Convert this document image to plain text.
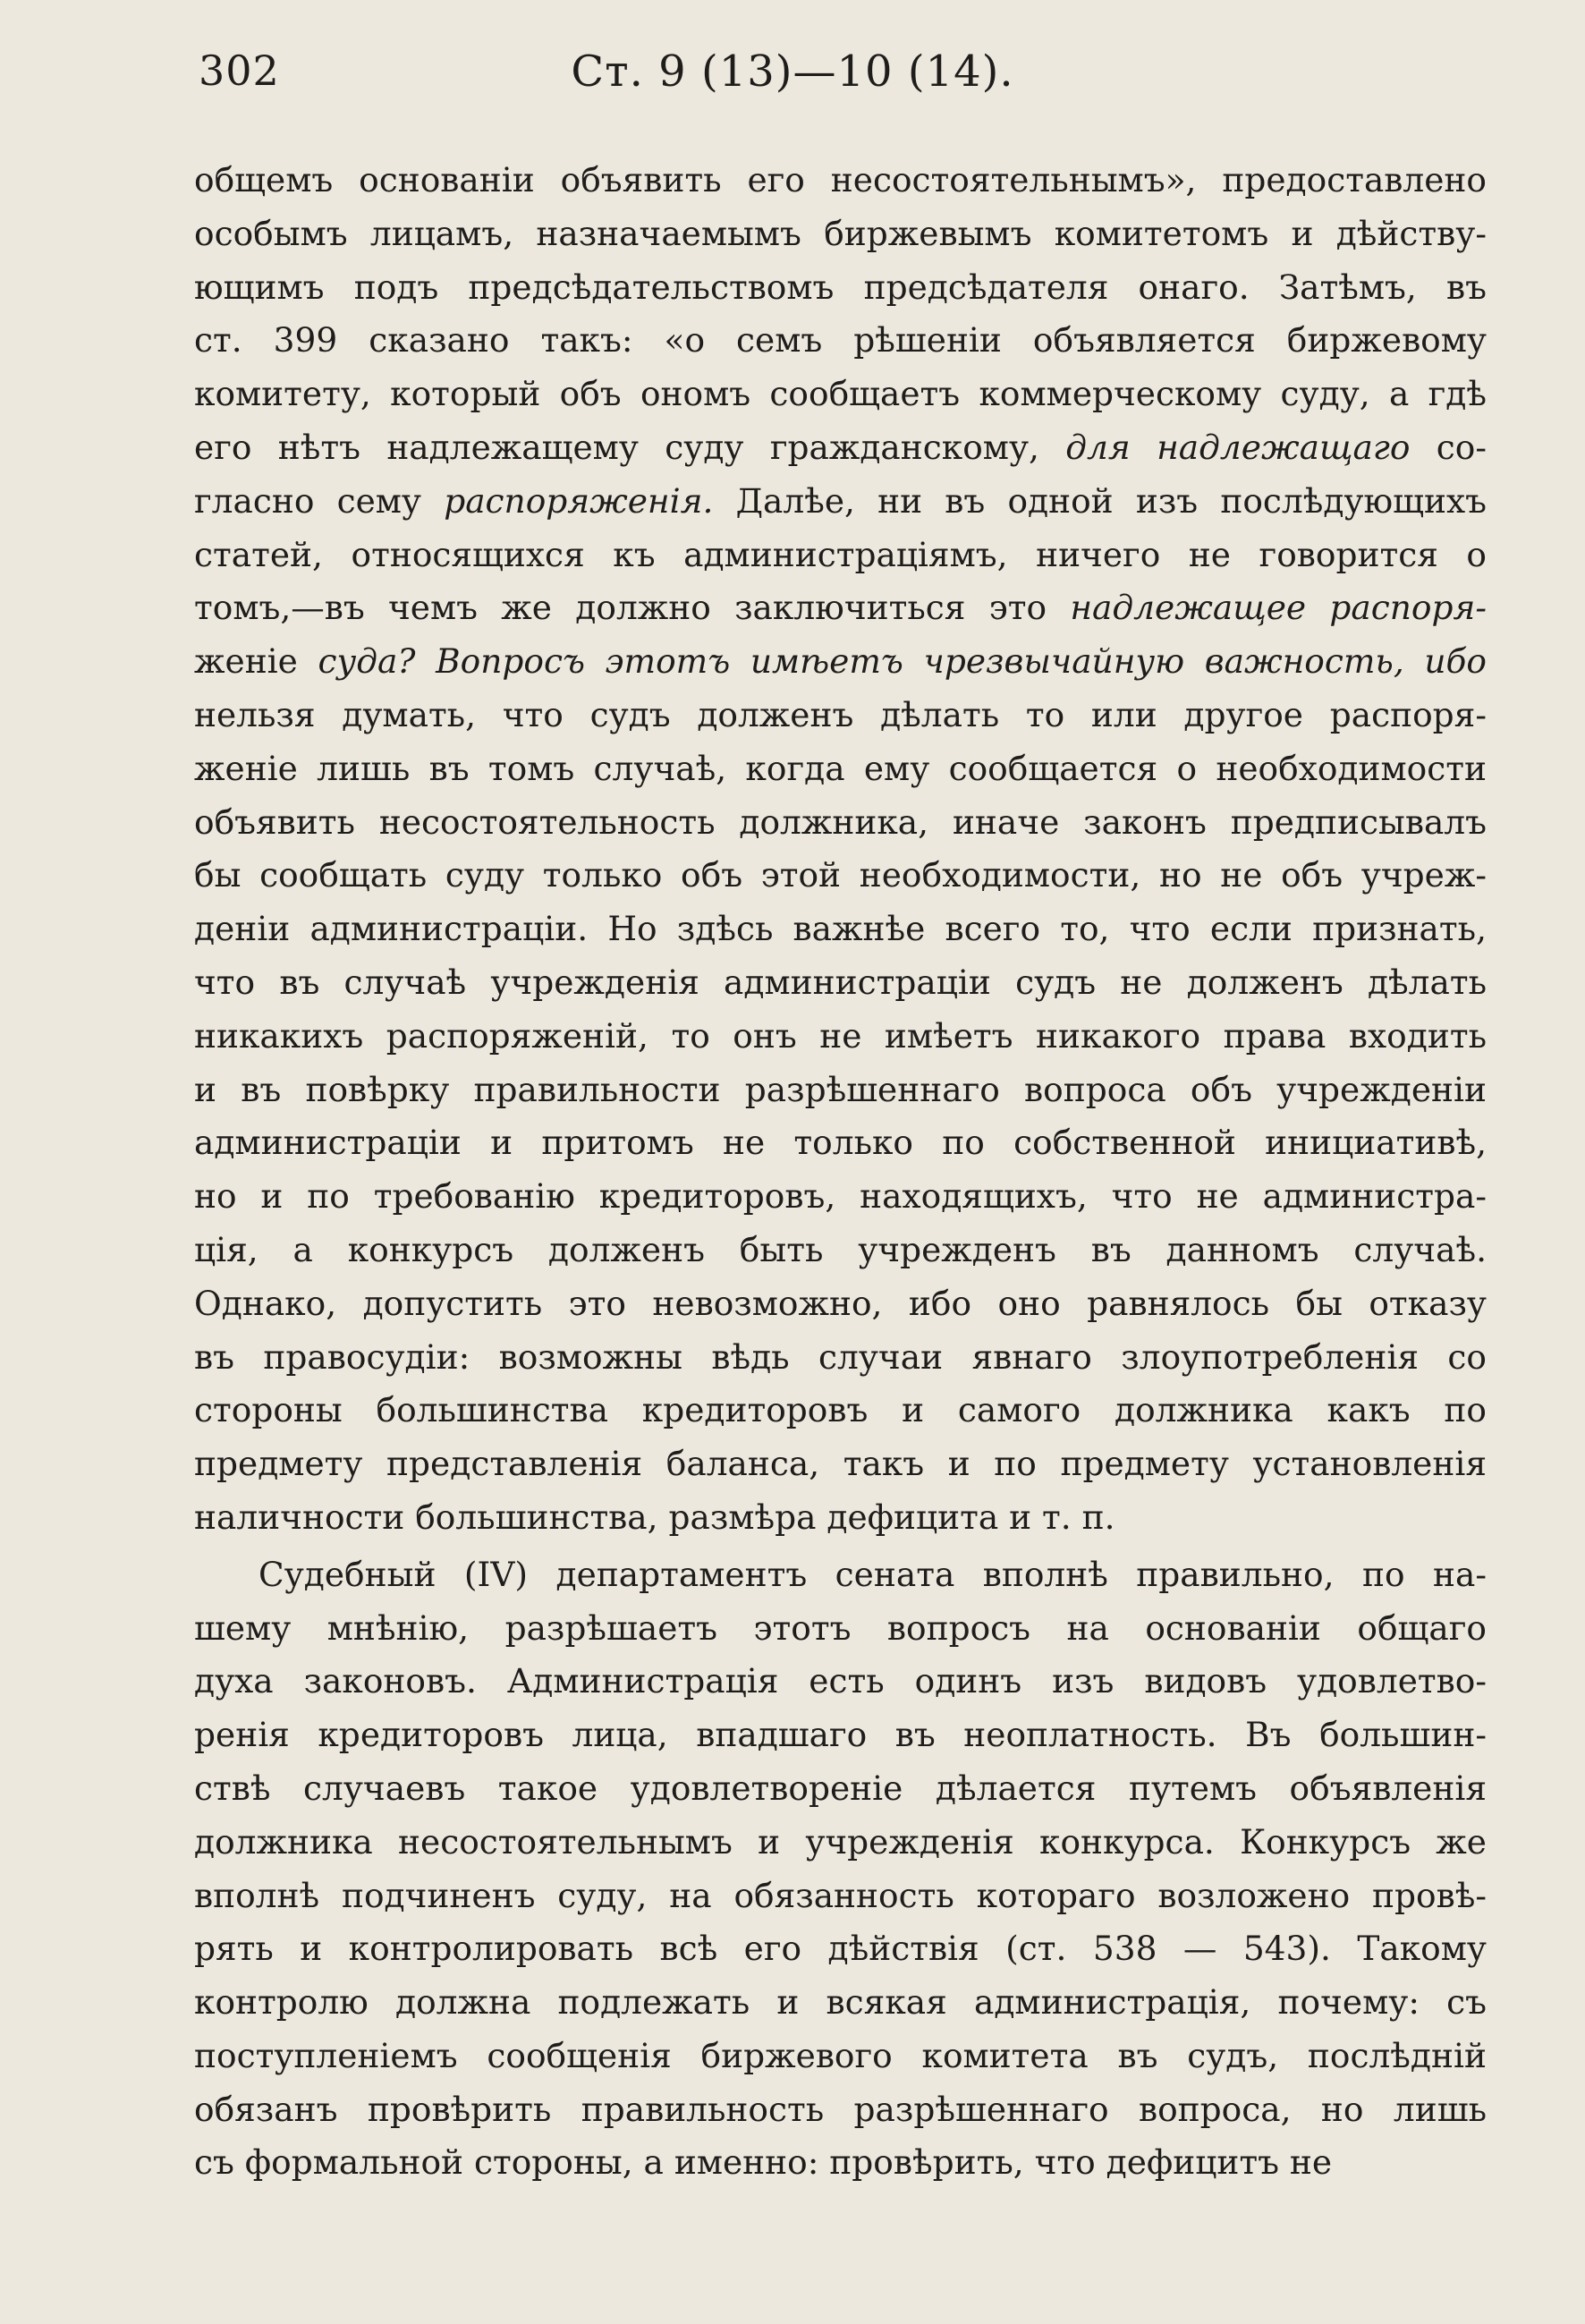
302	Ст. 9 (13)—10 (14).
общемъ основаніи объявить его несостоятельнымъ», предоставлено
особымъ лицамъ, назначаемымъ биржевымъ комитетомъ и дѣйству-
ющимъ подъ предсѣдательствомъ предсѣдателя онаго. Затѣмъ, въ
ст. 399 сказано такъ: «о семъ рѣшеніи объявляется биржевому
комитету, который объ ономъ сообщаетъ коммерческому суду, а гдѣ
его нѣтъ надлежащему суду гражданскому, для надлежащаго со-
гласно сему распоряженія. Далѣе, ни въ одной изъ послѣдующихъ
статей, относящихся къ администраціямъ, ничего не говорится о
томъ,—въ чемъ же должно заключиться это надлежащее распоря-
женіе суда? Вопросъ этотъ имѣетъ чрезвычайную важность, ибо
нельзя думать, что судъ долженъ дѣлать то или другое распоря-
женіе лишь въ томъ случаѣ, когда ему сообщается о необходимости
объявить несостоятельность должника, иначе законъ предписывалъ
бы сообщать суду только объ этой необходимости, но не объ учреж-
деніи администраціи. Но здѣсь важнѣе всего то, что если признать,
что въ случаѣ учрежденія администраціи судъ не долженъ дѣлать
никакихъ распоряженій, то онъ не имѣетъ никакого права входить
и въ повѣрку правильности разрѣшеннаго вопроса объ учрежденіи
администраціи и притомъ не только по собственной инициативѣ,
но и по требованію кредиторовъ, находящихъ, что не администра-
ція, а конкурсъ долженъ быть учрежденъ въ данномъ случаѣ.
Однако, допустить это невозможно, ибо оно равнялось бы отказу
въ правосудіи: возможны вѣдь случаи явнаго злоупотребленія со
стороны большинства кредиторовъ и самого должника какъ по
предмету представленія баланса, такъ и по предмету установленія
наличности большинства, размѣра дефицита и т. п.
Судебный (IV) департаментъ сената вполнѣ правильно, по на-
шему мнѣнію, разрѣшаетъ этотъ вопросъ на основаніи общаго
духа законовъ. Администрація есть одинъ изъ видовъ удовлетво-
ренія кредиторовъ лица, впадшаго въ неоплатность. Въ большин-
ствѣ случаевъ такое удовлетвореніе дѣлается путемъ объявленія
должника несостоятельнымъ и учрежденія конкурса. Конкурсъ же
вполнѣ подчиненъ суду, на обязанность котораго возложено провѣ-
рять и контролировать всѣ его дѣйствія (ст. 538 — 543). Такому
контролю должна подлежать и всякая администрація, почему: съ
поступленіемъ сообщенія биржевого комитета въ судъ, послѣдній
обязанъ провѣрить правильность разрѣшеннаго вопроса, но лишь
съ формальной стороны, а именно: провѣрить, что дефицитъ не
